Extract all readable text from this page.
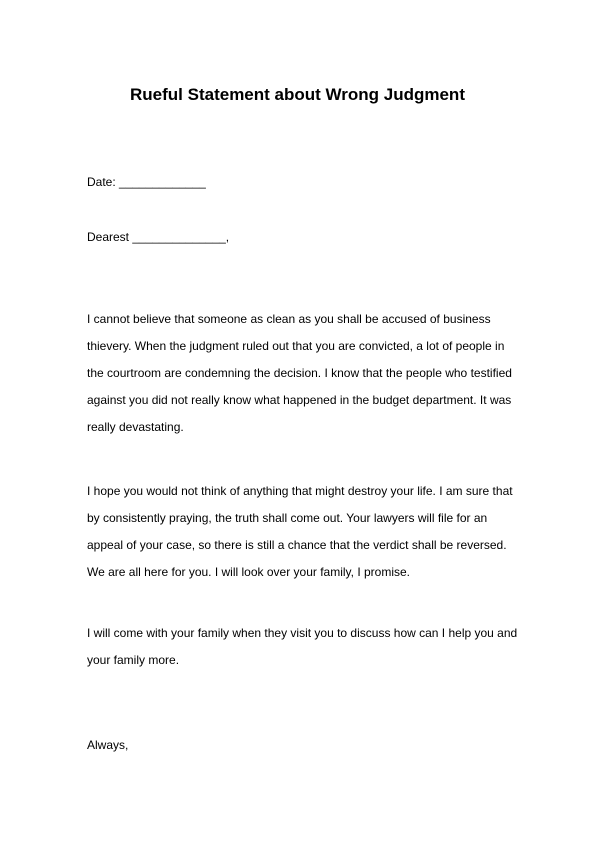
Rueful Statement about Wrong Judgment
Date: _____________
Dearest ______________,
I cannot believe that someone as clean as you shall be accused of business
thievery. When the judgment ruled out that you are convicted, a lot of people in
the courtroom are condemning the decision. I know that the people who testified
against you did not really know what happened in the budget department. It was
really devastating.
I hope you would not think of anything that might destroy your life. I am sure that
by consistently praying, the truth shall come out. Your lawyers will file for an
appeal of your case, so there is still a chance that the verdict shall be reversed.
We are all here for you. I will look over your family, I promise.
I will come with your family when they visit you to discuss how can I help you and
your family more.
Always,
